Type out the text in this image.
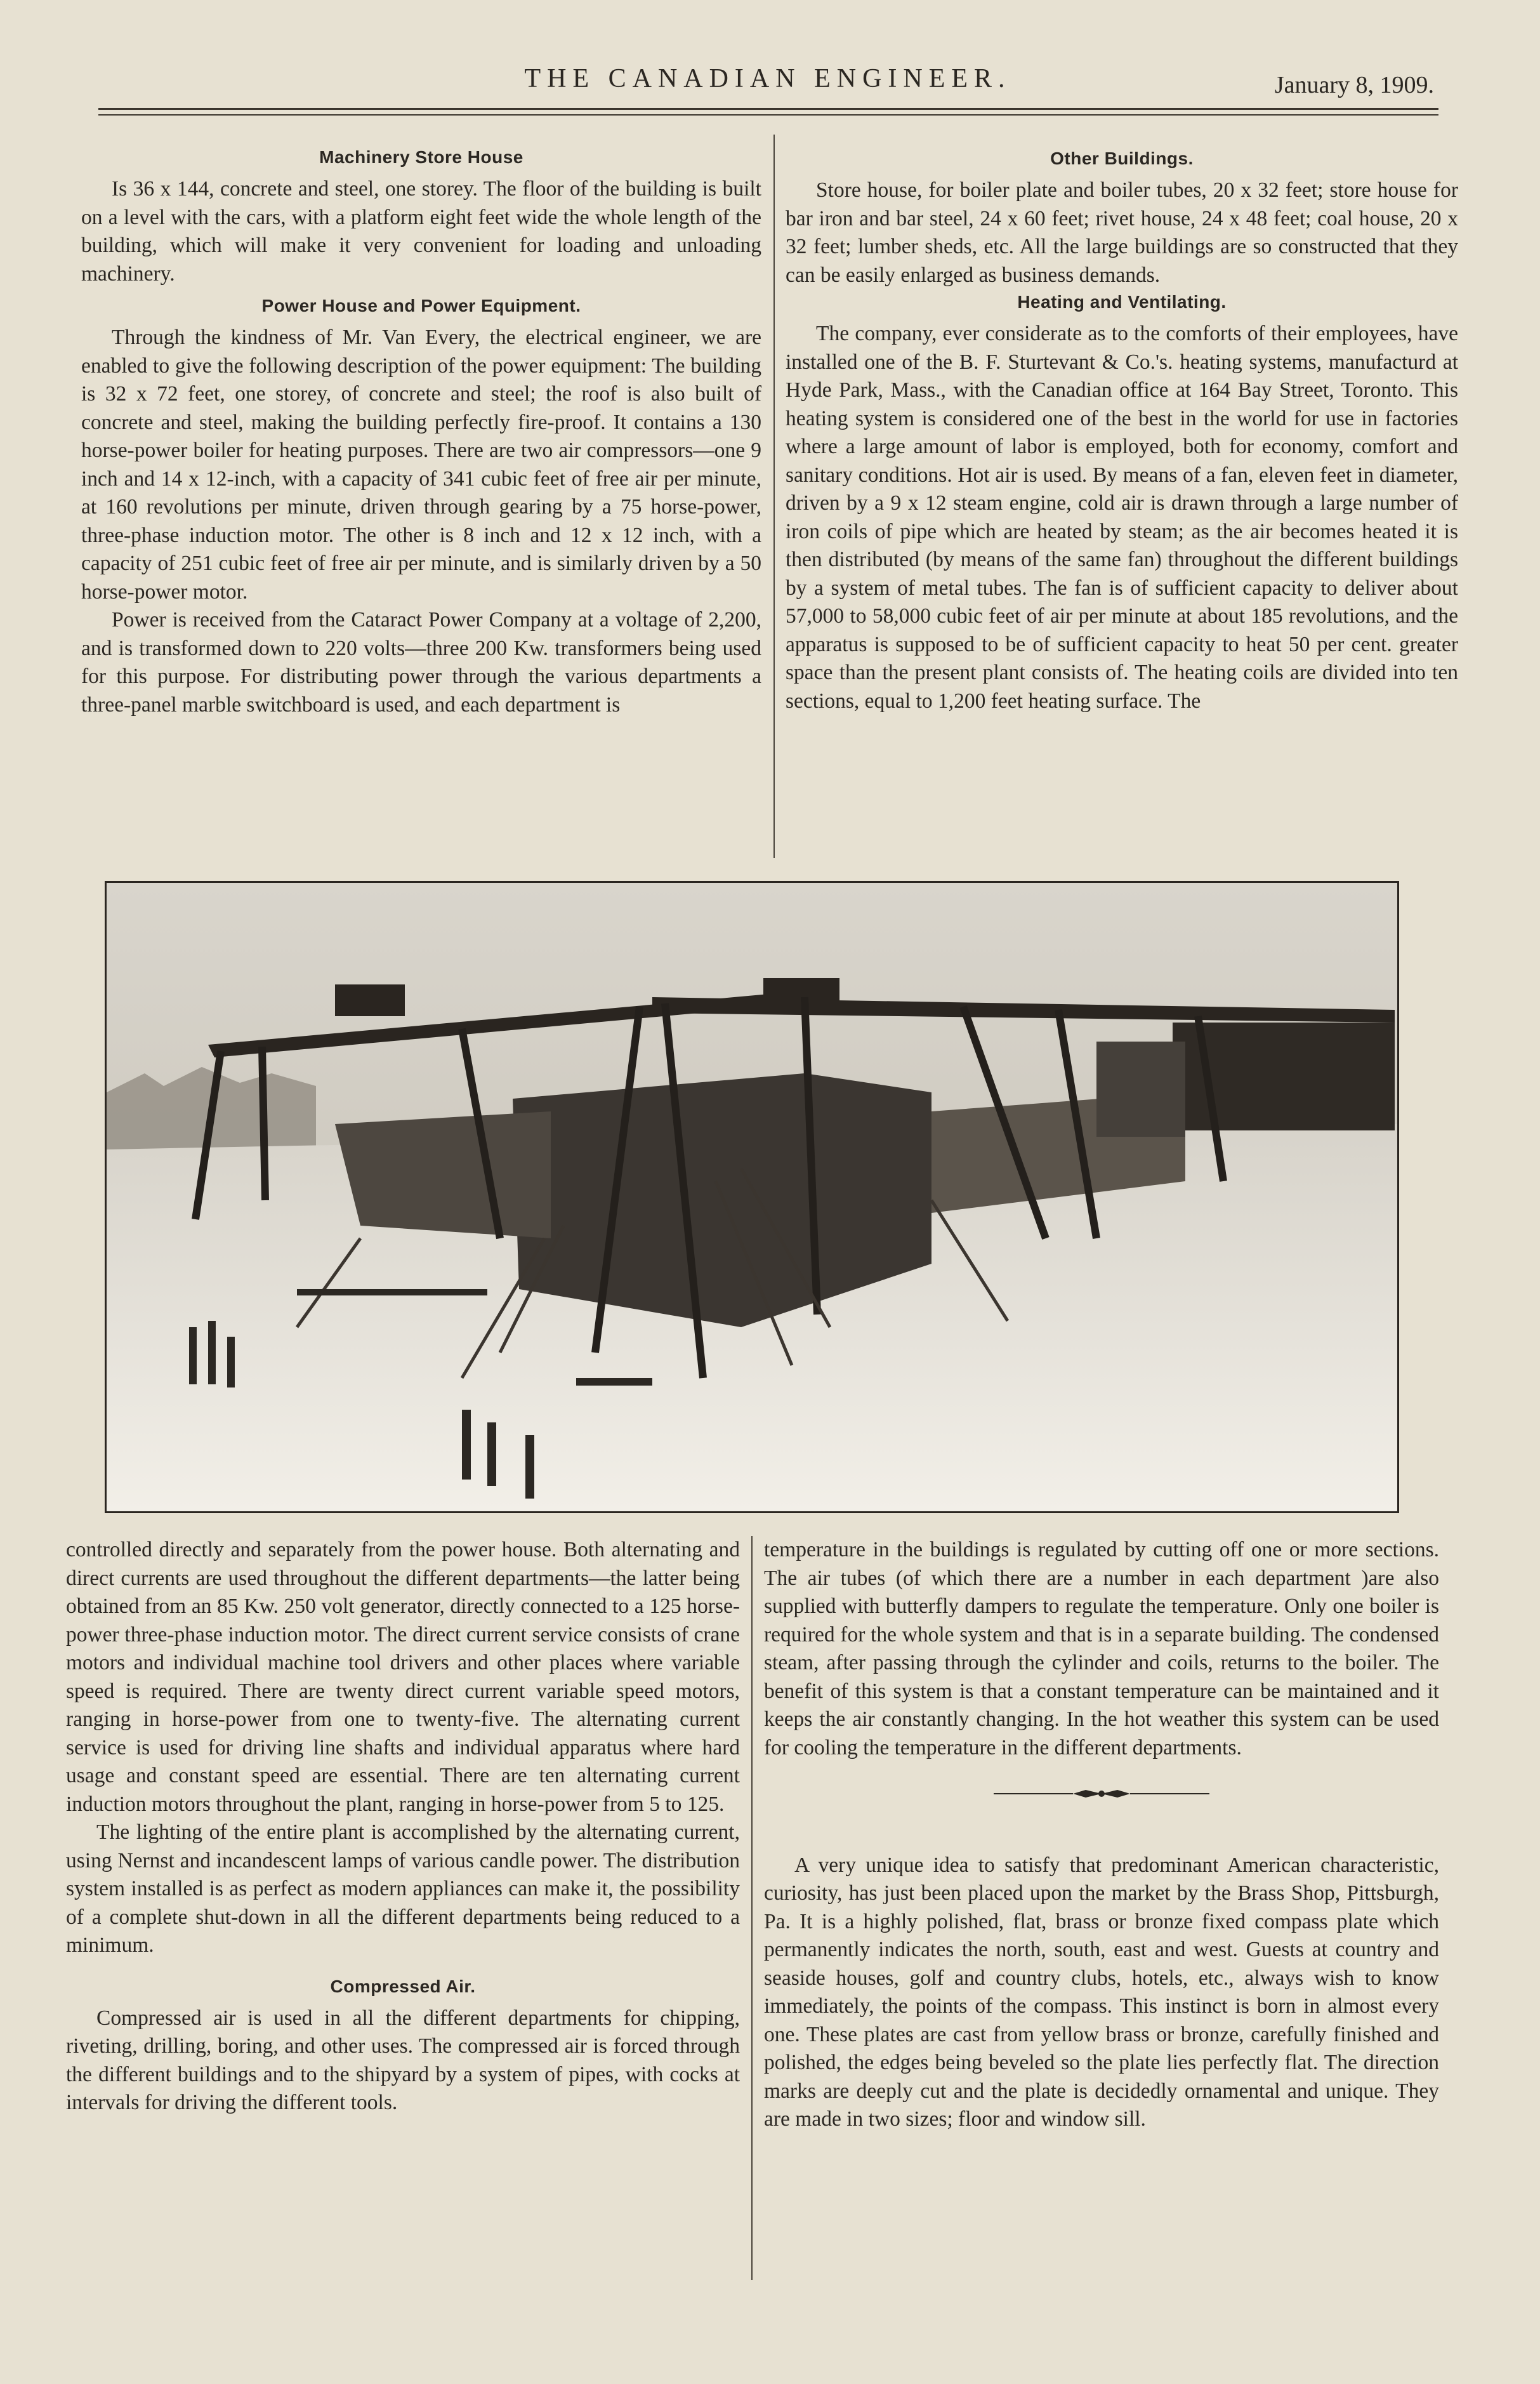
THE CANADIAN ENGINEER.	January 8, 1909.
Machinery Store House

Is 36 x 144, concrete and steel, one storey. The floor of the building is built on a level with the cars, with a platform eight feet wide the whole length of the building, which will make it very convenient for loading and unloading machinery.

Power House and Power Equipment.

Through the kindness of Mr. Van Every, the electrical engineer, we are enabled to give the following description of the power equipment: The building is 32 x 72 feet, one storey, of concrete and steel; the roof is also built of concrete and steel, making the building perfectly fire-proof. It contains a 130 horse-power boiler for heating purposes. There are two air compressors—one 9 inch and 14 x 12-inch, with a capacity of 341 cubic feet of free air per minute, at 160 revolutions per minute, driven through gearing by a 75 horse-power, three-phase induction motor. The other is 8 inch and 12 x 12 inch, with a capacity of 251 cubic feet of free air per minute, and is similarly driven by a 50 horse-power motor.

Power is received from the Cataract Power Company at a voltage of 2,200, and is transformed down to 220 volts—three 200 Kw. transformers being used for this purpose. For distributing power through the various departments a three-panel marble switchboard is used, and each department is

Other Buildings.

Store house, for boiler plate and boiler tubes, 20 x 32 feet; store house for bar iron and bar steel, 24 x 60 feet; rivet house, 24 x 48 feet; coal house, 20 x 32 feet; lumber sheds, etc. All the large buildings are so constructed that they can be easily enlarged as business demands.

Heating and Ventilating.

The company, ever considerate as to the comforts of their employees, have installed one of the B. F. Sturtevant & Co.'s. heating systems, manufacturd at Hyde Park, Mass., with the Canadian office at 164 Bay Street, Toronto. This heating system is considered one of the best in the world for use in factories where a large amount of labor is employed, both for economy, comfort and sanitary conditions. Hot air is used. By means of a fan, eleven feet in diameter, driven by a 9 x 12 steam engine, cold air is drawn through a large number of iron coils of pipe which are heated by steam; as the air becomes heated it is then distributed (by means of the same fan) throughout the different buildings by a system of metal tubes. The fan is of sufficient capacity to deliver about 57,000 to 58,000 cubic feet of air per minute at about 185 revolutions, and the apparatus is supposed to be of sufficient capacity to heat 50 per cent. greater space than the present plant consists of. The heating coils are divided into ten sections, equal to 1,200 feet heating surface. The

controlled directly and separately from the power house. Both alternating and direct currents are used throughout the different departments—the latter being obtained from an 85 Kw. 250 volt generator, directly connected to a 125 horse-power three-phase induction motor. The direct current service consists of crane motors and individual machine tool drivers and other places where variable speed is required. There are twenty direct current variable speed motors, ranging in horse-power from one to twenty-five. The alternating current service is used for driving line shafts and individual apparatus where hard usage and constant speed are essential. There are ten alternating current induction motors throughout the plant, ranging in horse-power from 5 to 125.

The lighting of the entire plant is accomplished by the alternating current, using Nernst and incandescent lamps of various candle power. The distribution system installed is as perfect as modern appliances can make it, the possibility of a complete shut-down in all the different departments being reduced to a minimum.

Compressed Air.

Compressed air is used in all the different departments for chipping, riveting, drilling, boring, and other uses. The compressed air is forced through the different buildings and to the shipyard by a system of pipes, with cocks at intervals for driving the different tools.

temperature in the buildings is regulated by cutting off one or more sections. The air tubes (of which there are a number in each department )are also supplied with butterfly dampers to regulate the temperature. Only one boiler is required for the whole system and that is in a separate building. The condensed steam, after passing through the cylinder and coils, returns to the boiler. The benefit of this system is that a constant temperature can be maintained and it keeps the air constantly changing. In the hot weather this system can be used for cooling the temperature in the different departments.

A very unique idea to satisfy that predominant American characteristic, curiosity, has just been placed upon the market by the Brass Shop, Pittsburgh, Pa. It is a highly polished, flat, brass or bronze fixed compass plate which permanently indicates the north, south, east and west. Guests at country and seaside houses, golf and country clubs, hotels, etc., always wish to know immediately, the points of the compass. This instinct is born in almost every one. These plates are cast from yellow brass or bronze, carefully finished and polished, the edges being beveled so the plate lies perfectly flat. The direction marks are deeply cut and the plate is decidedly ornamental and unique. They are made in two sizes; floor and window sill.
